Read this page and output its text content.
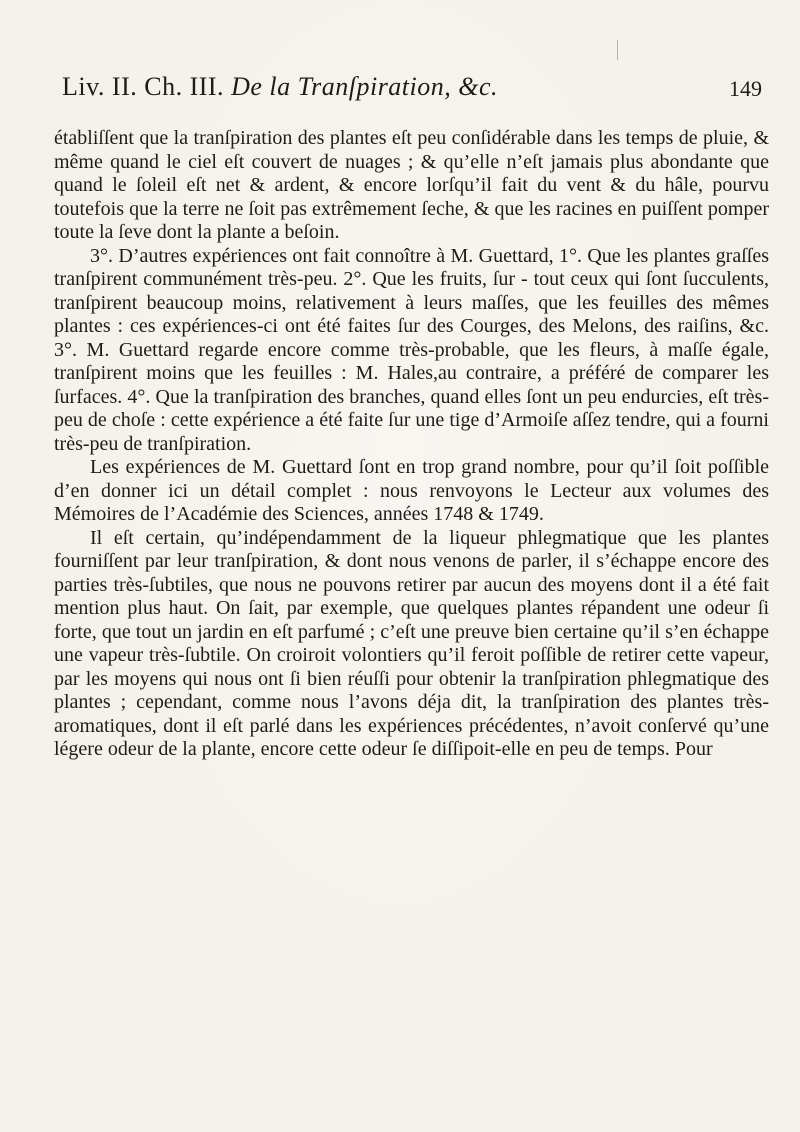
Liv. II. Ch. III. De la Tranſpiration, &c.	149

établiſſent que la tranſpiration des plantes eſt peu conſidérable dans les temps de pluie, & même quand le ciel eſt couvert de nuages ; & qu’elle n’eſt jamais plus abondante que quand le ſoleil eſt net & ardent, & encore lorſqu’il fait du vent & du hâle, pourvu toutefois que la terre ne ſoit pas extrêmement ſeche, & que les racines en puiſſent pomper toute la ſeve dont la plante a beſoin.

3°. D’autres expériences ont fait connoître à M. Guettard, 1°. Que les plantes graſſes tranſpirent communément très-peu. 2°. Que les fruits, ſur - tout ceux qui ſont ſucculents, tranſpirent beaucoup moins, relativement à leurs maſſes, que les feuilles des mêmes plantes : ces expériences-ci ont été faites ſur des Courges, des Melons, des raiſins, &c. 3°. M. Guettard regarde encore comme très-probable, que les fleurs, à maſſe égale, tranſpirent moins que les feuilles : M. Hales,au contraire, a préféré de comparer les ſurfaces. 4°. Que la tranſpiration des branches, quand elles ſont un peu endurcies, eſt très-peu de choſe : cette expérience a été faite ſur une tige d’Armoiſe aſſez tendre, qui a fourni très-peu de tranſpiration.

Les expériences de M. Guettard ſont en trop grand nombre, pour qu’il ſoit poſſible d’en donner ici un détail complet : nous renvoyons le Lecteur aux volumes des Mémoires de l’Académie des Sciences, années 1748 & 1749.

Il eſt certain, qu’indépendamment de la liqueur phlegmatique que les plantes fourniſſent par leur tranſpiration, & dont nous venons de parler, il s’échappe encore des parties très-ſubtiles, que nous ne pouvons retirer par aucun des moyens dont il a été fait mention plus haut. On ſait, par exemple, que quelques plantes répandent une odeur ſi forte, que tout un jardin en eſt parfumé ; c’eſt une preuve bien certaine qu’il s’en échappe une vapeur très-ſubtile. On croiroit volontiers qu’il feroit poſſible de retirer cette vapeur, par les moyens qui nous ont ſi bien réuſſi pour obtenir la tranſpiration phlegmatique des plantes ; cependant, comme nous l’avons déja dit, la tranſpiration des plantes très-aromatiques, dont il eſt parlé dans les expériences précédentes, n’avoit conſervé qu’une légere odeur de la plante, encore cette odeur ſe diſſipoit-elle en peu de temps. Pour
